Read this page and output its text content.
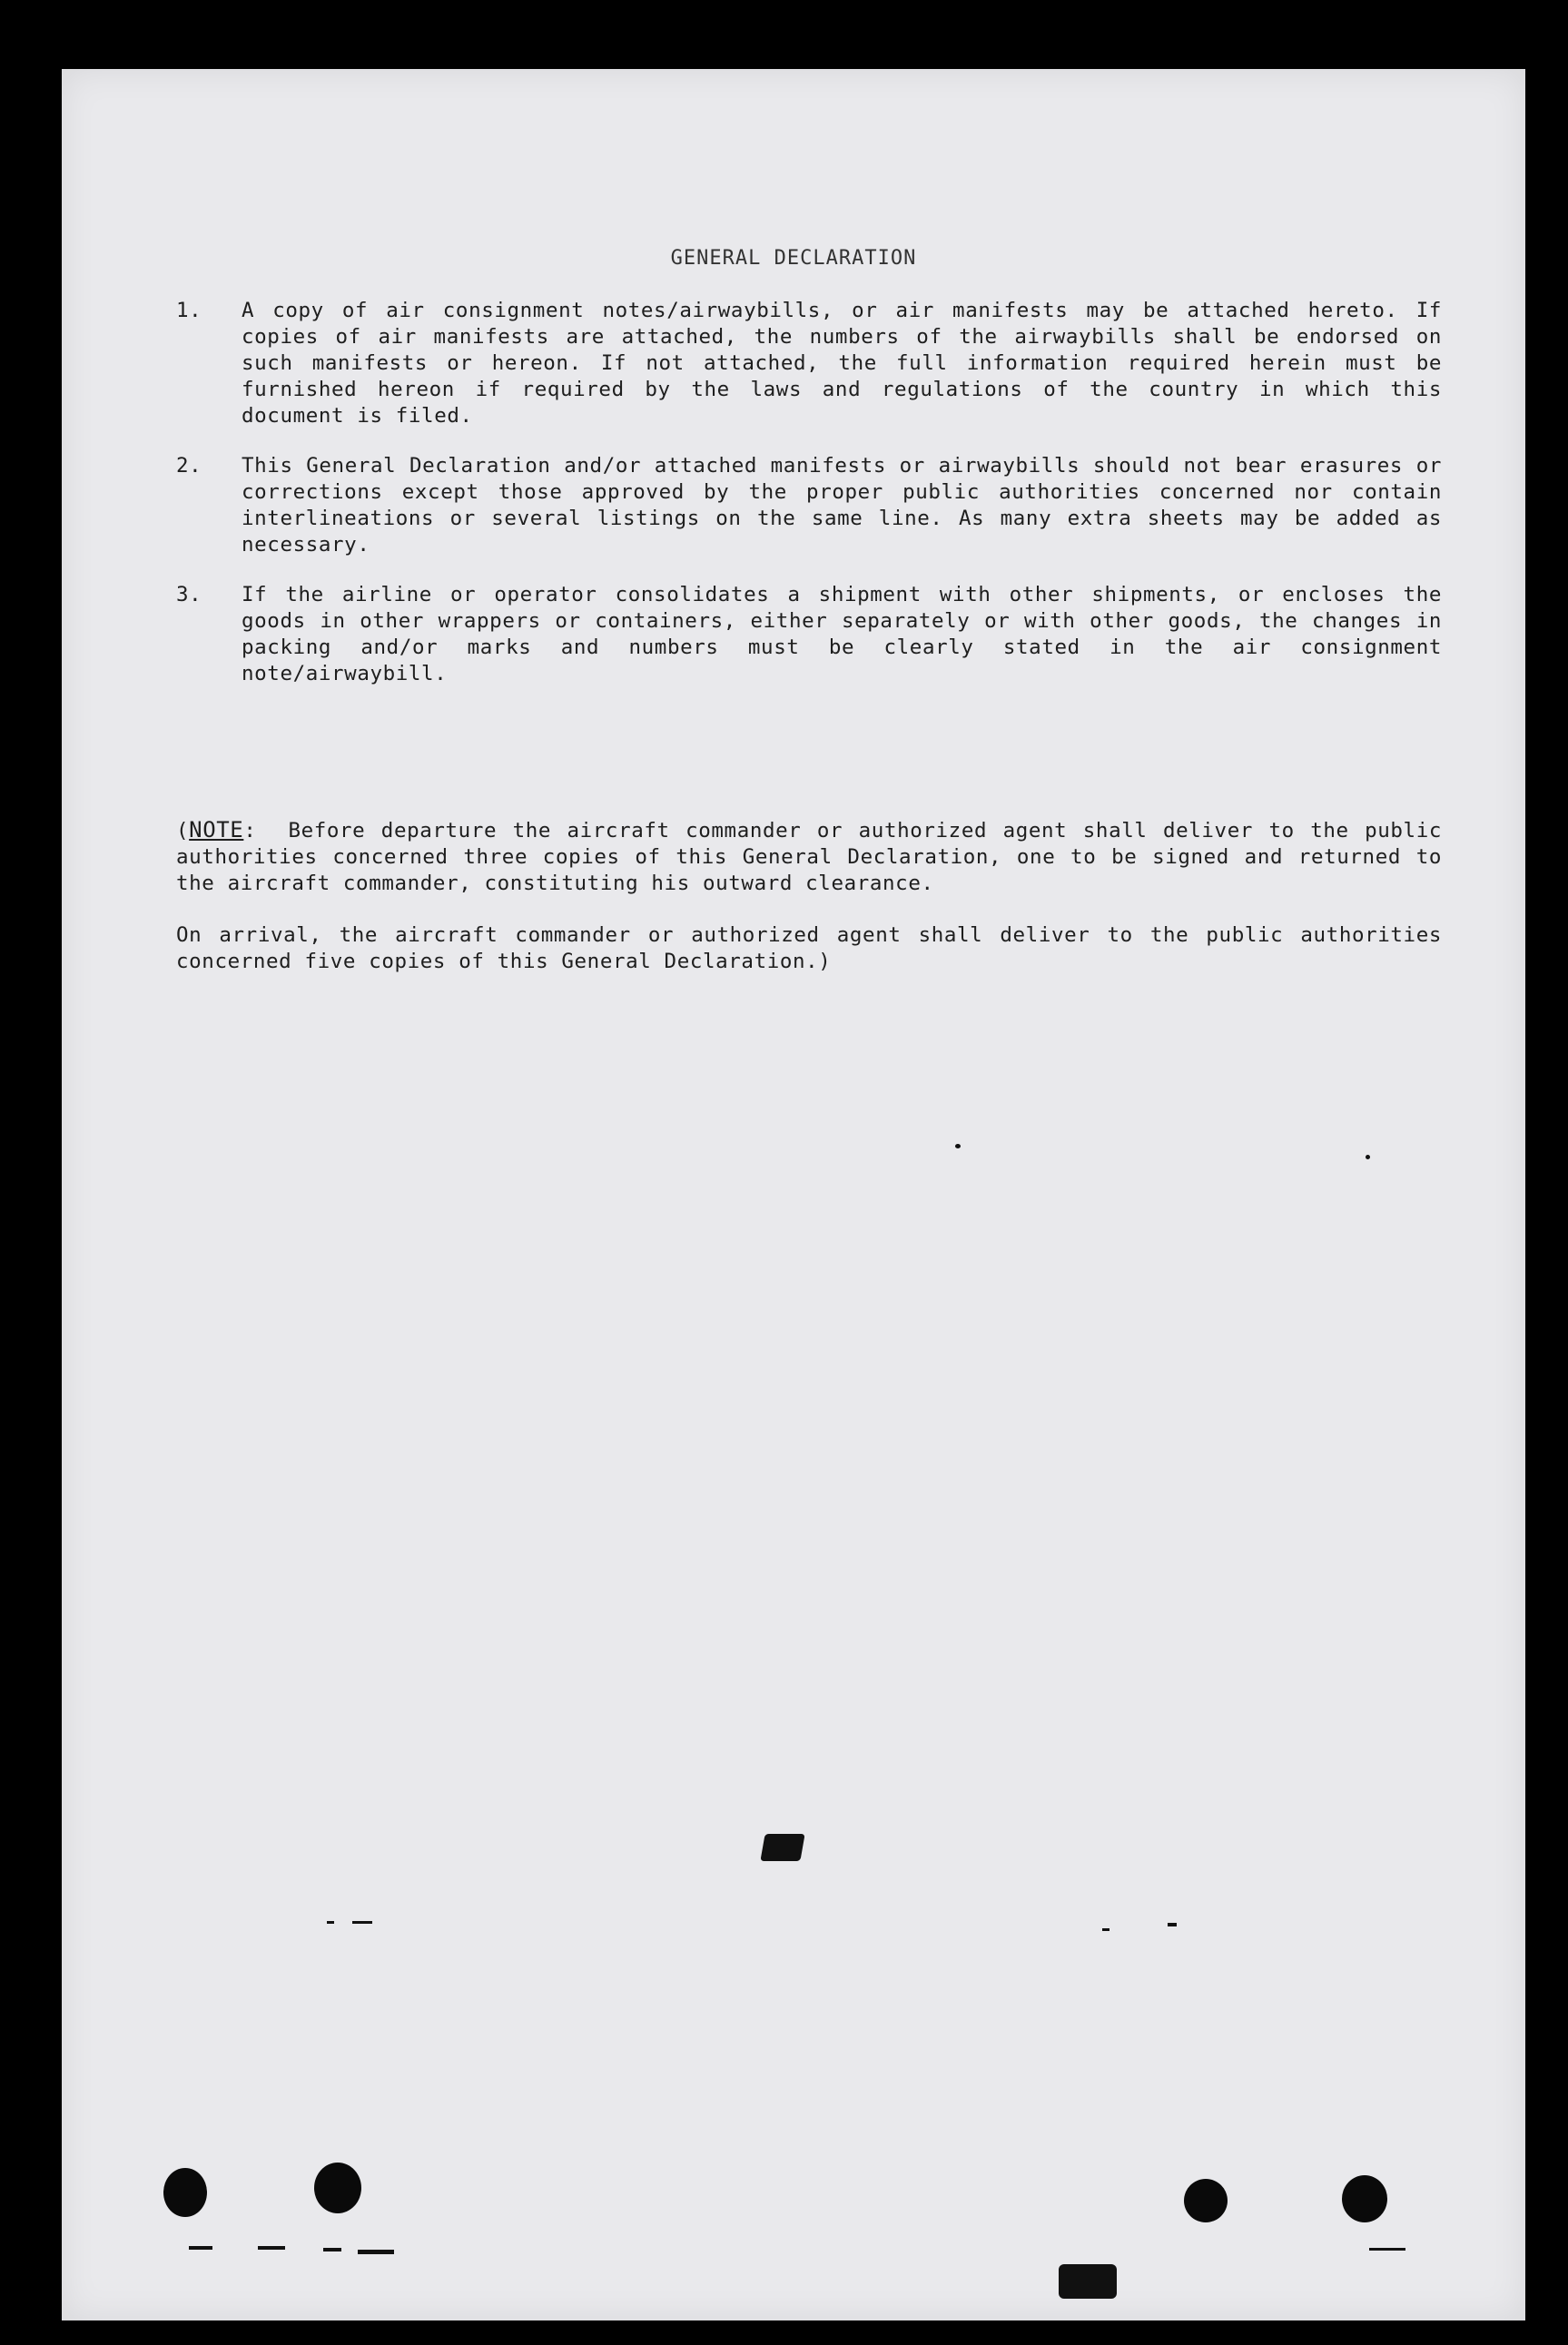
GENERAL DECLARATION
1. A copy of air consignment notes/airwaybills, or air manifests may be attached hereto. If copies of air manifests are attached, the numbers of the airwaybills shall be endorsed on such manifests or hereon. If not attached, the full information required herein must be furnished hereon if required by the laws and regulations of the country in which this document is filed.
2. This General Declaration and/or attached manifests or airwaybills should not bear erasures or corrections except those approved by the proper public authorities concerned nor contain interlineations or several listings on the same line. As many extra sheets may be added as necessary.
3. If the airline or operator consolidates a shipment with other shipments, or encloses the goods in other wrappers or containers, either separately or with other goods, the changes in packing and/or marks and numbers must be clearly stated in the air consignment note/airwaybill.

(NOTE: Before departure the aircraft commander or authorized agent shall deliver to the public authorities concerned three copies of this General Declaration, one to be signed and returned to the aircraft commander, constituting his outward clearance.

On arrival, the aircraft commander or authorized agent shall deliver to the public authorities concerned five copies of this General Declaration.)
